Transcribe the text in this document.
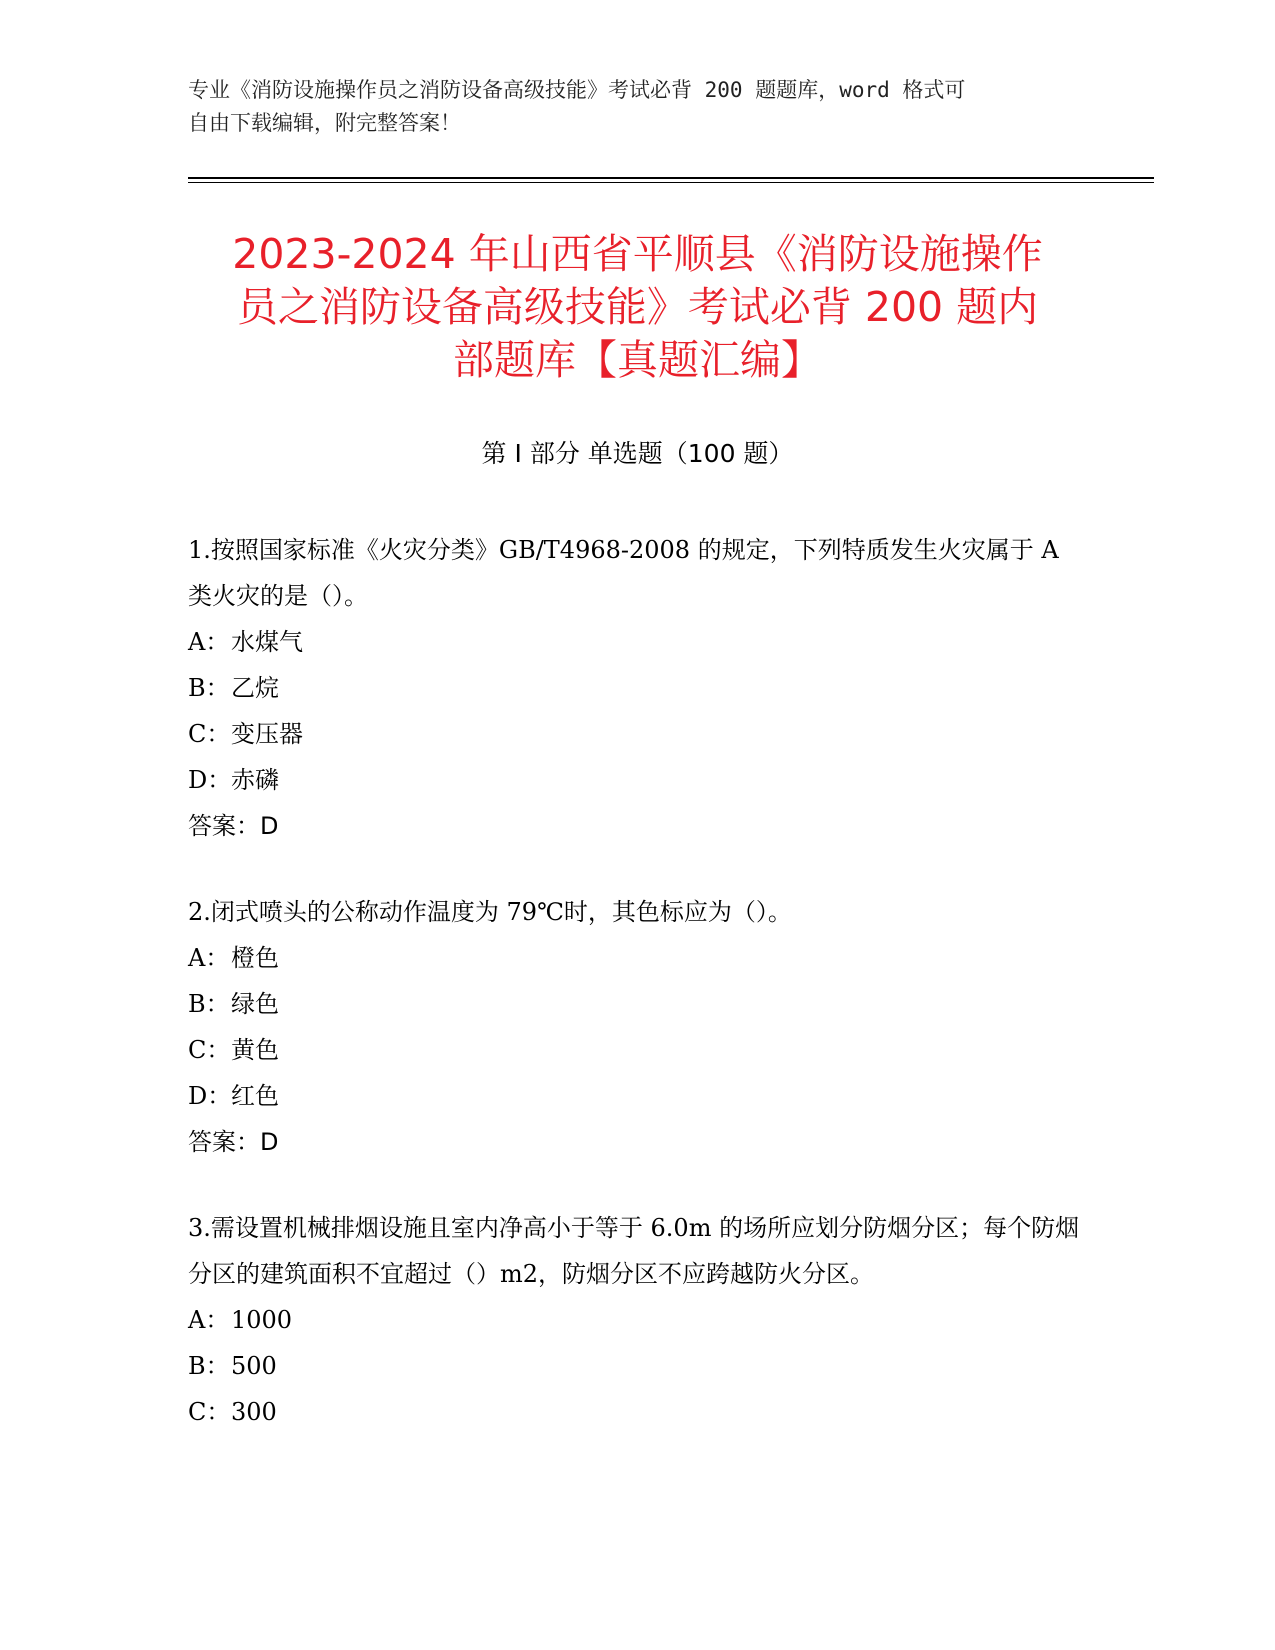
专业《消防设施操作员之消防设备高级技能》考试必背 200 题题库，word 格式可
自由下载编辑，附完整答案！
2023-2024 年山西省平顺县《消防设施操作
员之消防设备高级技能》考试必背 200 题内
部题库【真题汇编】
第 I 部分 单选题（100 题）

1.按照国家标准《火灾分类》GB/T4968-2008 的规定，下列特质发生火灾属于 A 类火灾的是（）。

A：水煤气

B：乙烷

C：变压器

D：赤磷

答案：D

2.闭式喷头的公称动作温度为 79℃时，其色标应为（）。

A：橙色

B：绿色

C：黄色

D：红色

答案：D

3.需设置机械排烟设施且室内净高小于等于 6.0m 的场所应划分防烟分区；每个防烟分区的建筑面积不宜超过（）m2，防烟分区不应跨越防火分区。

A：1000

B：500

C：300
